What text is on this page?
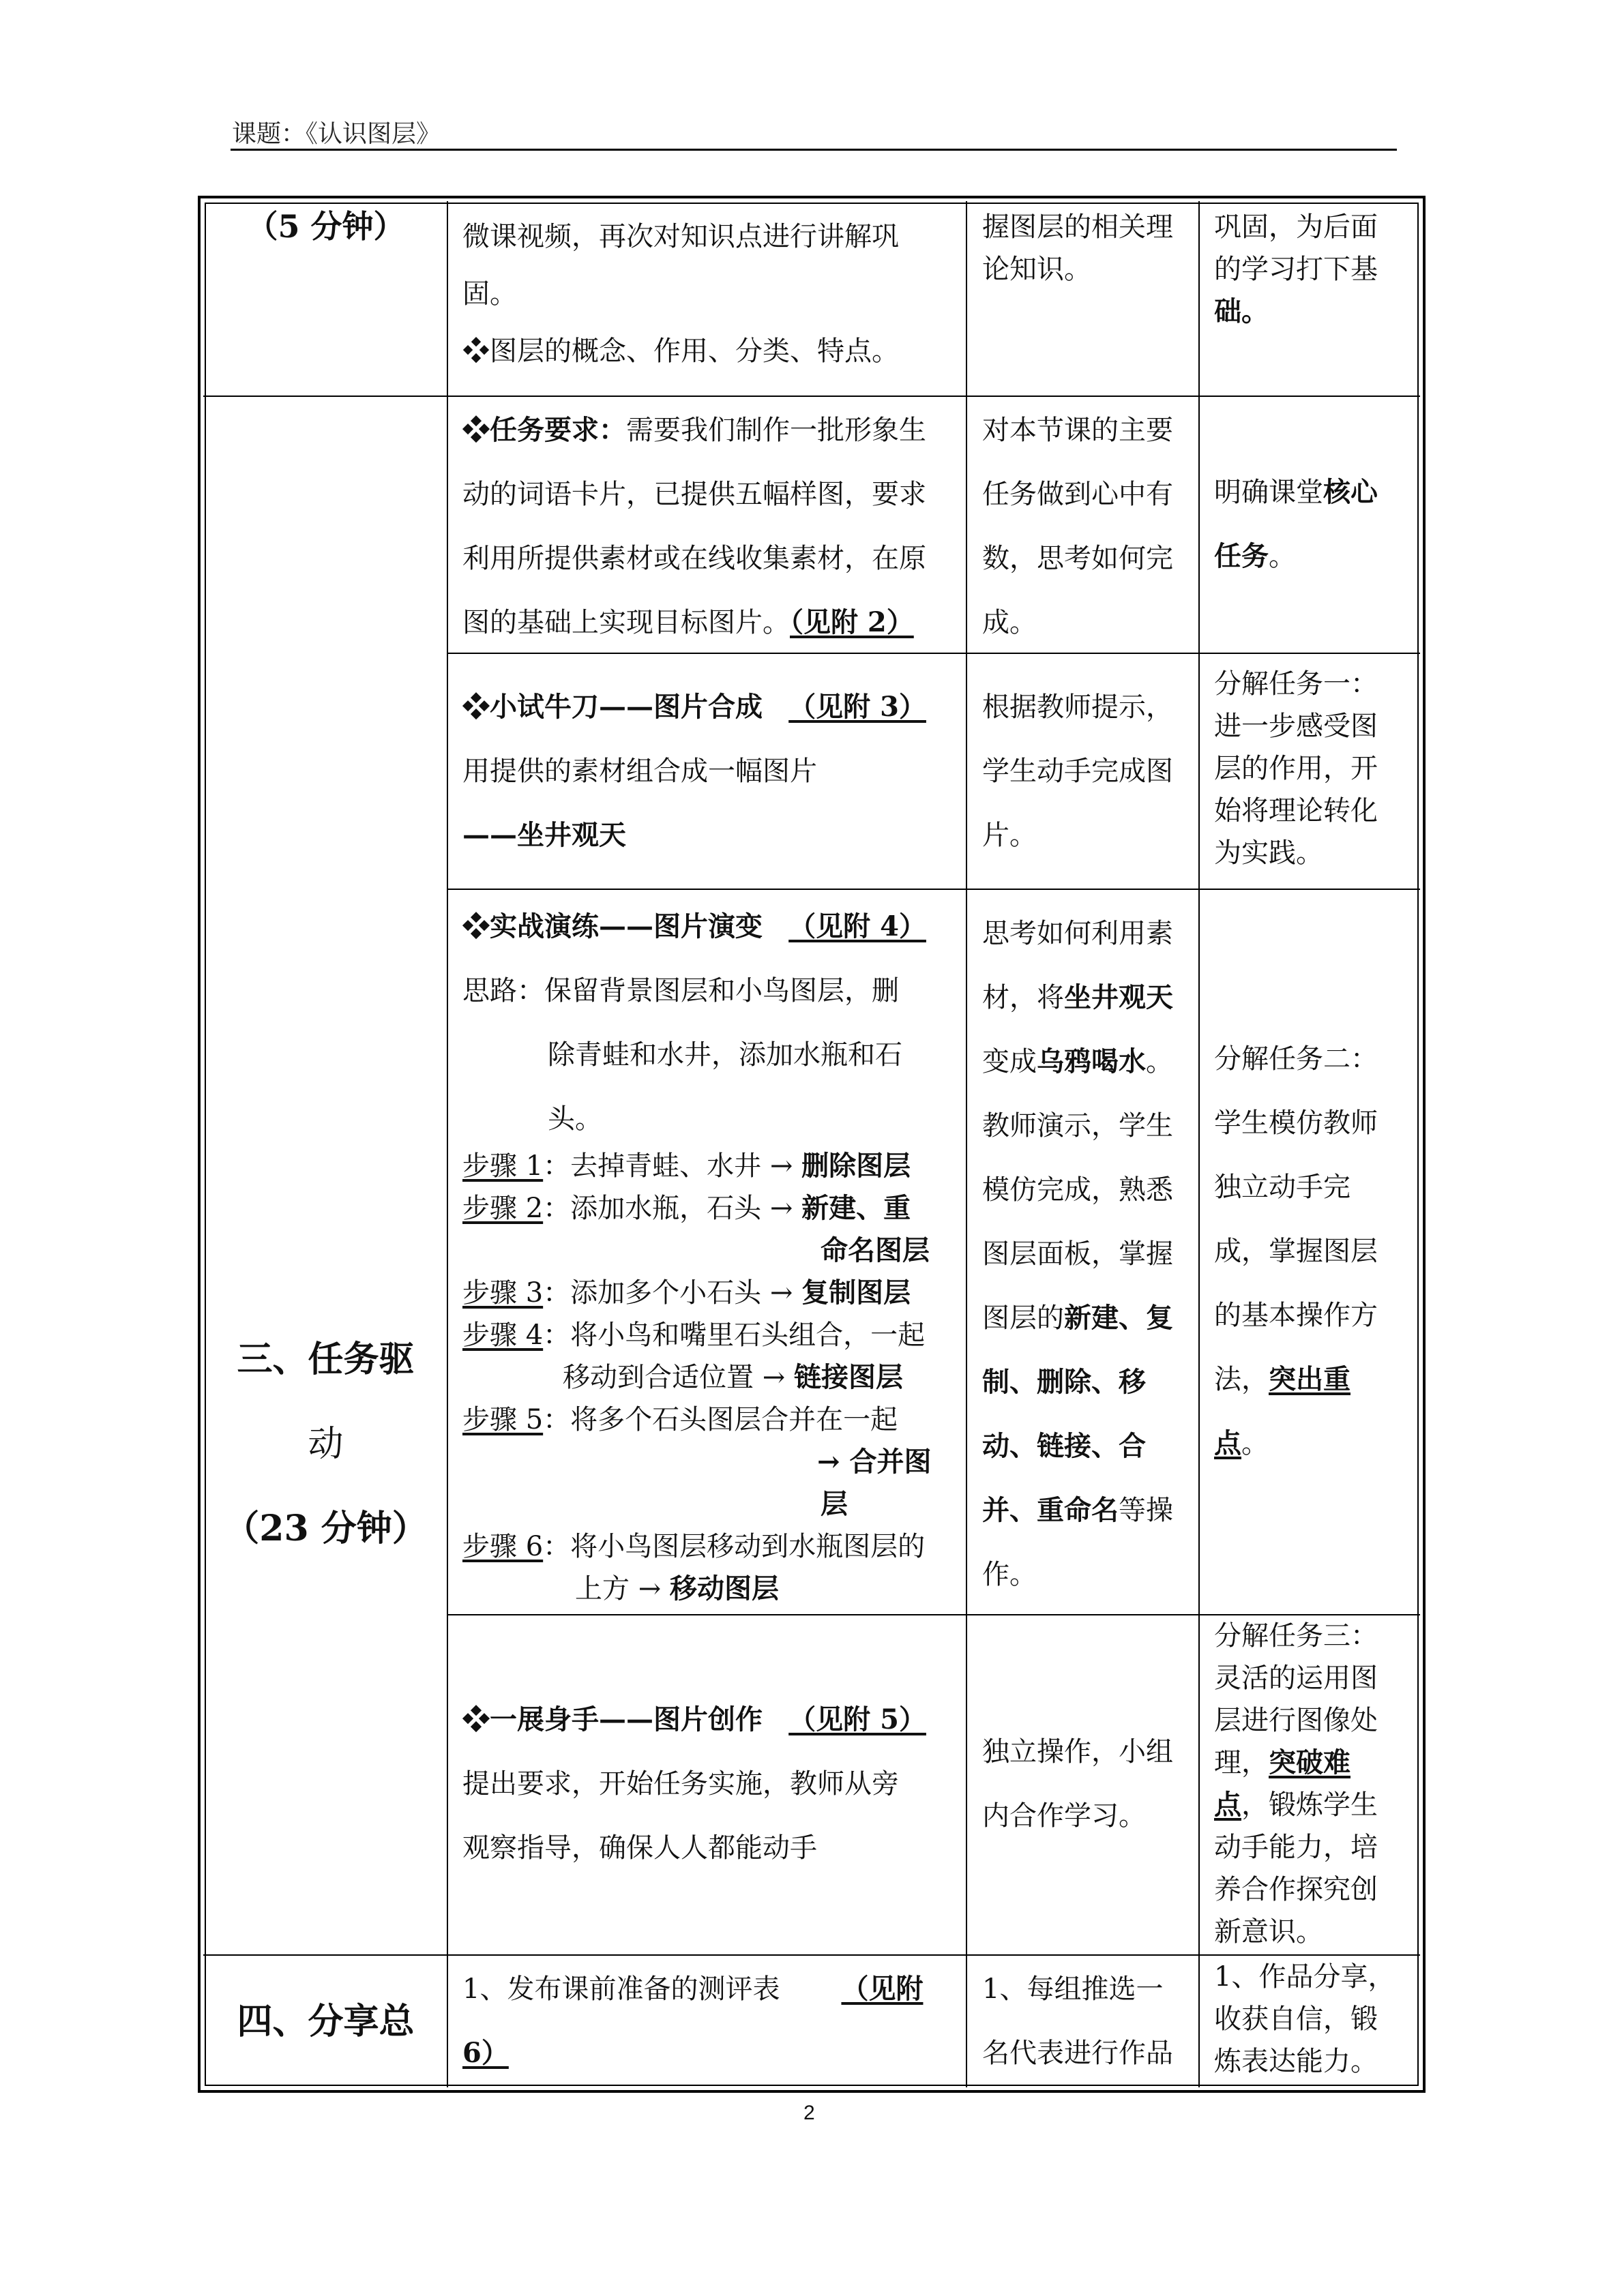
课题：《认识图层》
（5 分钟）	微课视频，再次对知识点进行讲解巩
固。
❖图层的概念、作用、分类、特点。
握图层的相关理
论知识。
巩固，为后面
的学习打下基
础。
三、任务驱
动
（23 分钟）
❖任务要求：需要我们制作一批形象生
动的词语卡片，已提供五幅样图，要求
利用所提供素材或在线收集素材，在原
图的基础上实现目标图片。（见附 2）
对本节课的主要
任务做到心中有
数，思考如何完
成。
明确课堂核心
任务。
❖小试牛刀——图片合成 （见附 3）
用提供的素材组合成一幅图片
——坐井观天
根据教师提示，
学生动手完成图
片。
分解任务一：
进一步感受图
层的作用，开
始将理论转化
为实践。
❖实战演练——图片演变 （见附 4）
思路：保留背景图层和小鸟图层，删
除青蛙和水井，添加水瓶和石
头。
步骤 1：去掉青蛙、水井 → 删除图层
步骤 2：添加水瓶，石头 → 新建、重
命名图层
步骤 3：添加多个小石头 → 复制图层
步骤 4：将小鸟和嘴里石头组合，一起
移动到合适位置 → 链接图层
步骤 5：将多个石头图层合并在一起
→ 合并图
层
步骤 6：将小鸟图层移动到水瓶图层的
上方 → 移动图层
思考如何利用素
材，将坐井观天
变成乌鸦喝水。
教师演示，学生
模仿完成，熟悉
图层面板，掌握
图层的新建、复
制、删除、移
动、链接、合
并、重命名等操
作。
分解任务二：
学生模仿教师
独立动手完
成，掌握图层
的基本操作方
法，突出重
点。
❖一展身手——图片创作 （见附 5）
提出要求，开始任务实施，教师从旁
观察指导，确保人人都能动手
独立操作，小组
内合作学习。
分解任务三：
灵活的运用图
层进行图像处
理，突破难
点，锻炼学生
动手能力，培
养合作探究创
新意识。
四、分享总
1、发布课前准备的测评表 （见附
6）
1、每组推选一
名代表进行作品
1、作品分享，
收获自信，锻
炼表达能力。
2
